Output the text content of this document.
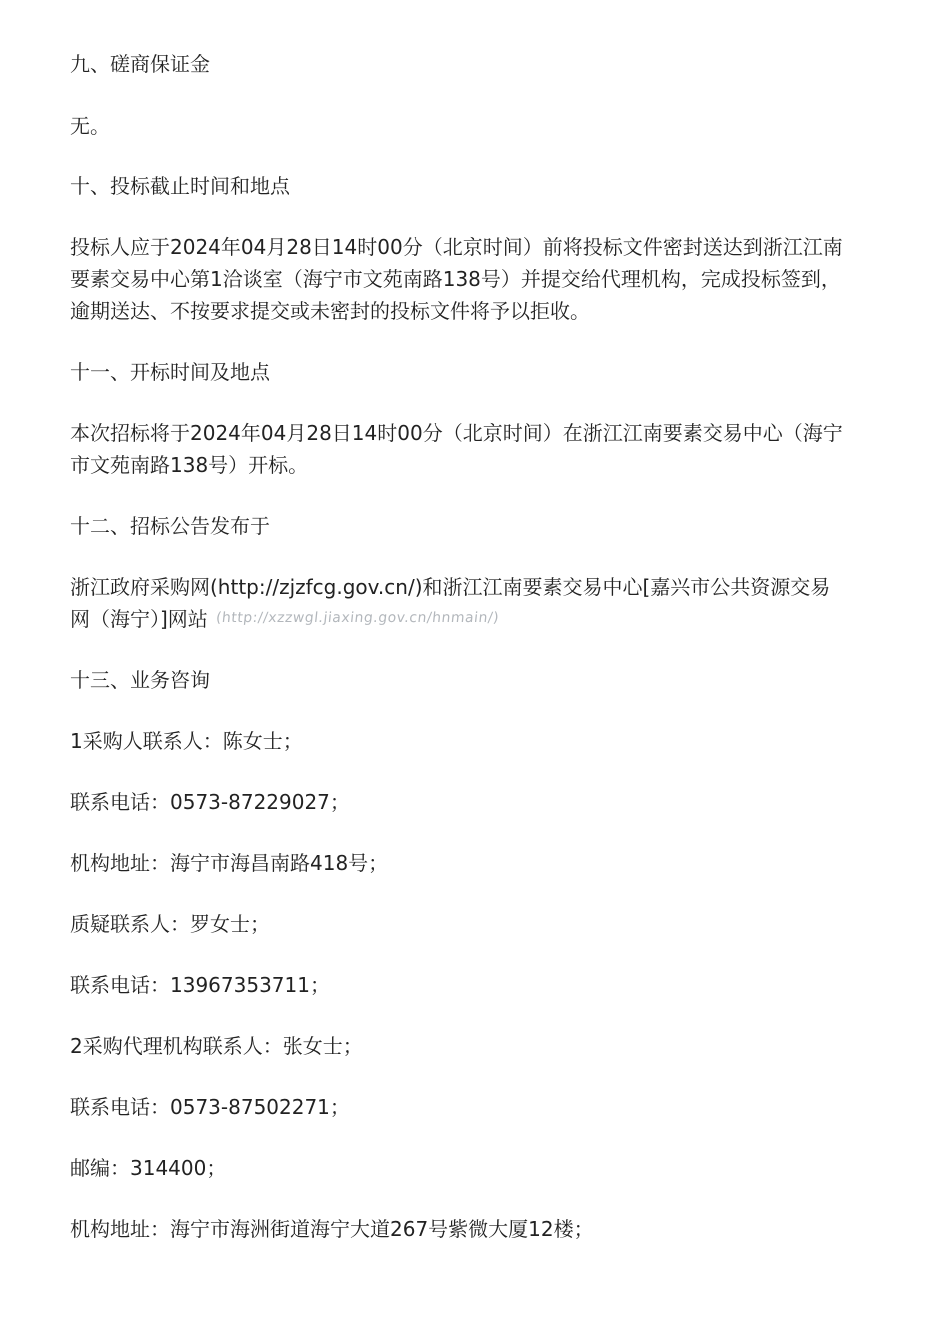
九、磋商保证金
无。
十、投标截止时间和地点
投标人应于2024年04月28日14时00分（北京时间）前将投标文件密封送达到浙江江南
要素交易中心第1洽谈室（海宁市文苑南路138号）并提交给代理机构，完成投标签到，
逾期送达、不按要求提交或未密封的投标文件将予以拒收。
十一、开标时间及地点
本次招标将于2024年04月28日14时00分（北京时间）在浙江江南要素交易中心（海宁
市文苑南路138号）开标。
十二、招标公告发布于
浙江政府采购网(http://zjzfcg.gov.cn/)和浙江江南要素交易中心[嘉兴市公共资源交易
网（海宁）]网站 (http://xzzwgl.jiaxing.gov.cn/hnmain/)
十三、业务咨询
1采购人联系人：陈女士；
联系电话：0573-87229027；
机构地址：海宁市海昌南路418号；
质疑联系人：罗女士；
联系电话：13967353711；
2采购代理机构联系人：张女士；
联系电话：0573-87502271；
邮编：314400；
机构地址：海宁市海洲街道海宁大道267号紫微大厦12楼；
